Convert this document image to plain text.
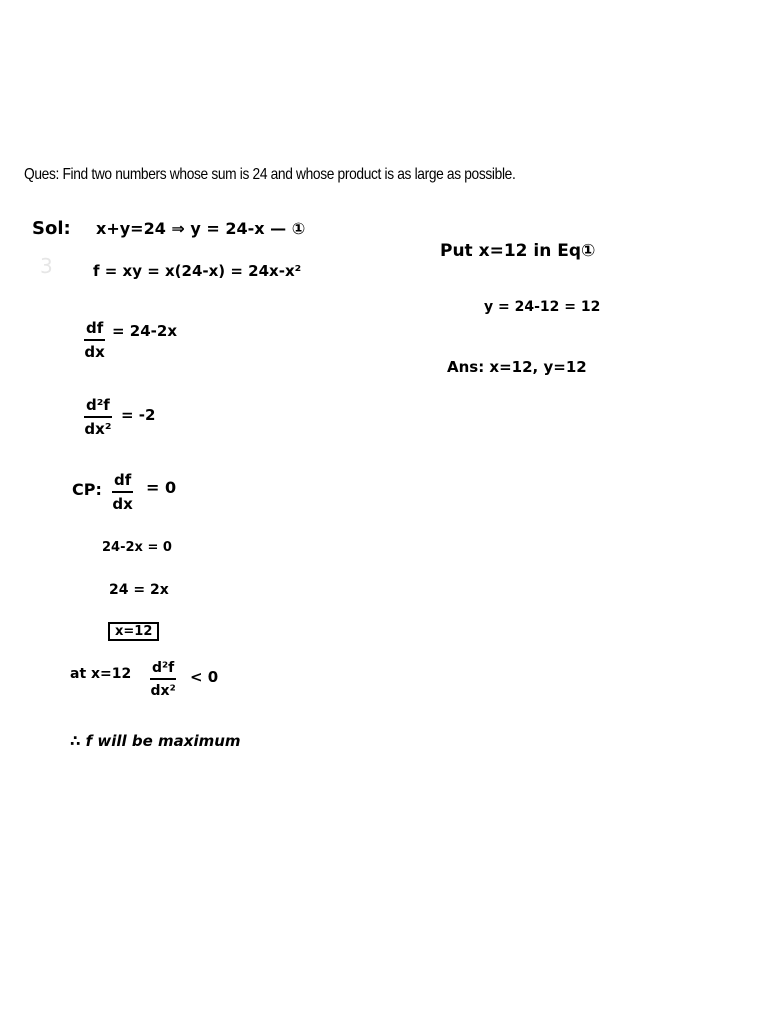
Ques: Find two numbers whose sum is 24 and whose product is as large as possible.
3
Sol: x+y=24 ⇒ y = 24-x — ①
f = xy = x(24-x) = 24x-x²
df
dx
= 24-2x
d²f
dx²
= -2
CP: df
dx
= 0
24-2x = 0
24 = 2x
x=12
at x=12 d²f
dx²
< 0
∴ f will be maximum
Put x=12 in Eq①
y = 24-12 = 12
Ans: x=12, y=12
